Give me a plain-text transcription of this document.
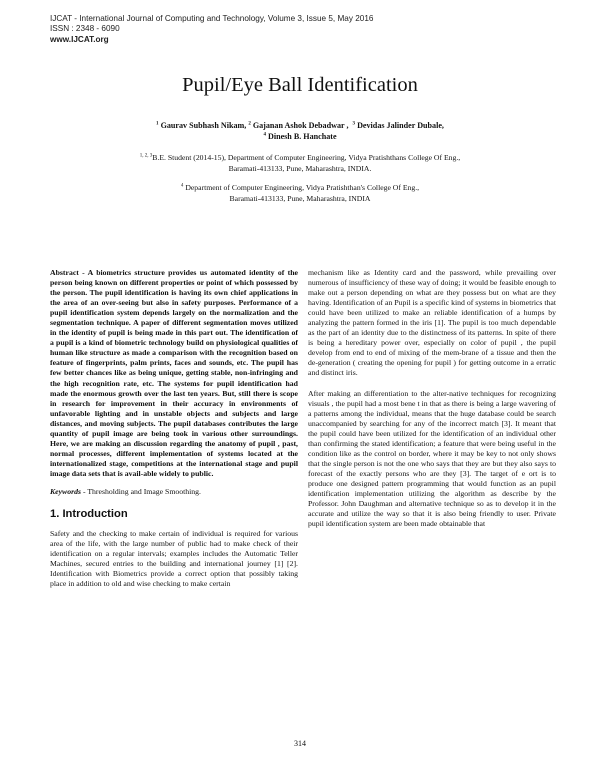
IJCAT - International Journal of Computing and Technology, Volume 3, Issue 5, May 2016
ISSN : 2348 - 6090
www.IJCAT.org
Pupil/Eye Ball Identification
$^1$ Gaurav Subhash Nikam, $^2$ Gajanan Ashok Debadwar , $^3$ Devidas Jalinder Dubale,
$^4$ Dinesh B. Hanchate
$^{1, 2, 3}$B.E. Student (2014-15), Department of Computer Engineering, Vidya Pratishthans College Of Eng.,
Baramati-413133, Pune, Maharashtra, INDIA.
$^4$ Department of Computer Engineering, Vidya Pratishthan's College Of Eng.,
Baramati-413133, Pune, Maharashtra, INDIA

Abstract - A biometrics structure provides us automated identity of the person being known on different properties or point of which possessed by the person. The pupil identification is having its own chief applications in the area of an over-seeing but also in safety purposes. Performance of a pupil identification system depends largely on the normalization and the segmentation technique. A paper of different segmentation moves utilized in the identity of pupil is being made in this part out. The identification of a pupil is a kind of biometric technology build on physiological qualities of human like structure as made a comparison with the recognition based on feature of fingerprints, palm prints, faces and sounds, etc. The pupil has few better chances like as being unique, getting stable, non-infringing and the high recognition rate, etc. The systems for pupil identification had made the enormous growth over the last ten years. But, still there is scope in research for improvement in their accuracy in environments of unfavorable lighting and in unstable objects and subjects and large distances, and moving subjects. The pupil databases contributes the large quantity of pupil image are being took in various other surroundings. Here, we are making an discussion regarding the anatomy of pupil , past, normal processes, different implementation of systems located at the internationalized stage, competitions at the international stage and pupil image data sets that is avail-able widely to public.

Keywords - Thresholding and Image Smoothing.

1. Introduction

Safety and the checking to make certain of individual is required for various area of the life, with the large number of public had to make check of their identification on a regular intervals; examples includes the Automatic Teller Machines, secured entries to the building and international journey [1] [2]. Identification with Biometrics provide a correct option that possibly taking place in addition to old and wise checking to make certain

mechanism like as Identity card and the password, while prevailing over numerous of insufficiency of these way of doing; it would be feasible enough to make out a person depending on what are they possess but on what are they having. Identification of an Pupil is a specific kind of systems in biometrics that could have been utilized to make an reliable identification of a humps by analyzing the pattern formed in the iris [1]. The pupil is too much dependable as the part of an identity due to the distinctness of its patterns. In spite of there is being a hereditary power over, especially on color of pupil , the pupil develop from end to end of mixing of the mem-brane of a tissue and then the de-generation ( creating the opening for pupil ) for getting outcome in a erratic and distinct iris.

After making an differentiation to the alter-native techniques for recognizing visuals , the pupil had a most bene t in that as there is being a large wavering of a patterns among the individual, means that the huge database could be search unaccompanied by searching for any of the incorrect match [3]. It meant that the pupil could have been utilized for the identification of an individual other than confirming the stated identification; a feature that were being useful in the condition like as the control on border, where it may be key to not only shows that the single person is not the one who says that they are but they also says to forecast of the exactly persons who are they [3]. The target of e ort is to produce one designed pattern programming that would function as an pupil identification implementation utilizing the algorithm as describe by the Professor. John Daughman and alternative technique so as to develop it in the accurate and utilize the way so that it is also being friendly to user. Private pupil identification system are been made obtainable that

314
